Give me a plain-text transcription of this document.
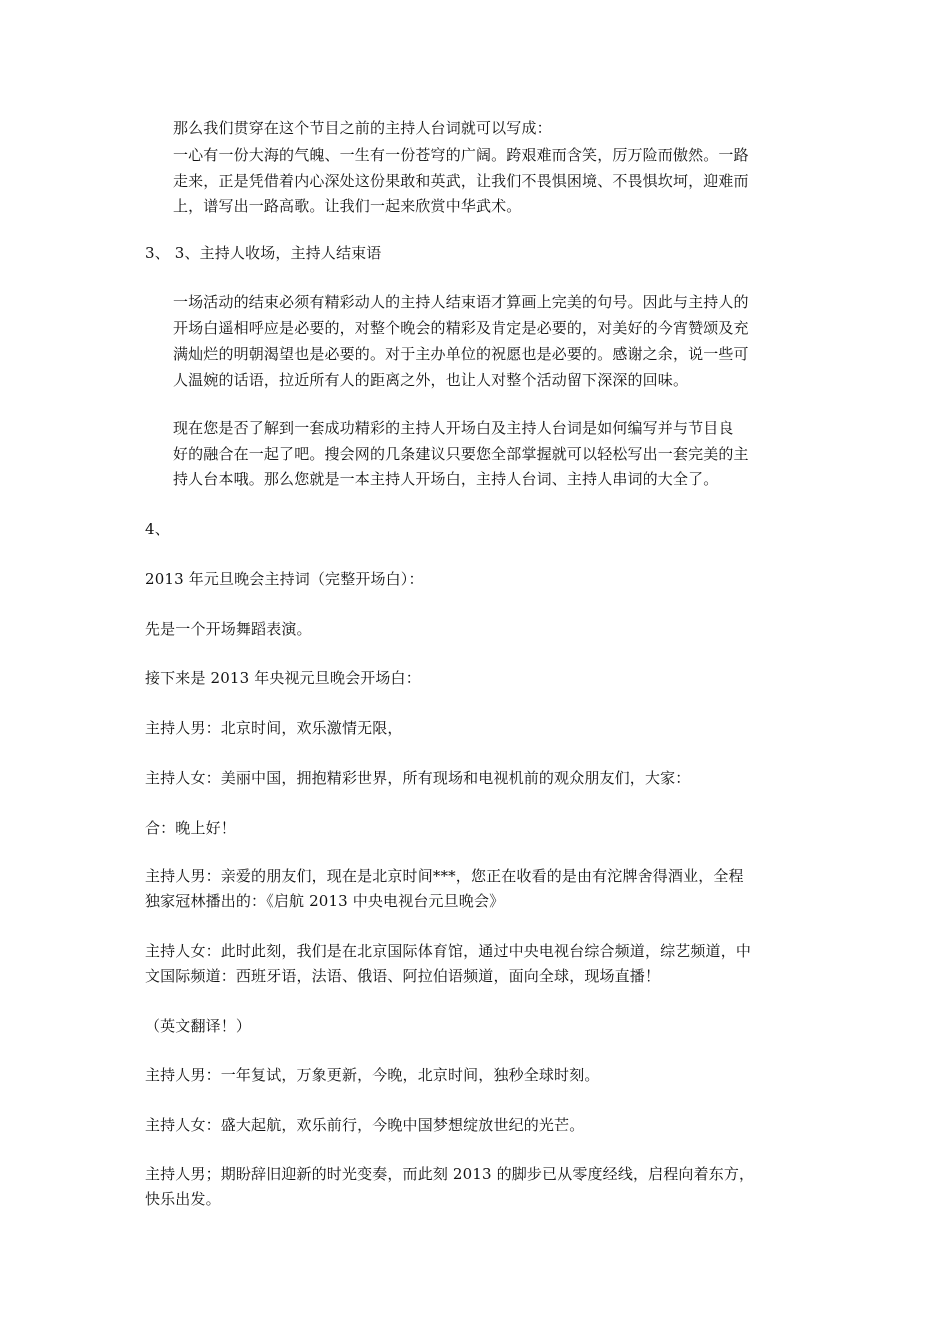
那么我们贯穿在这个节目之前的主持人台词就可以写成：
一心有一份大海的气魄、一生有一份苍穹的广阔。跨艰难而含笑，厉万险而傲然。一路
走来，正是凭借着内心深处这份果敢和英武，让我们不畏惧困境、不畏惧坎坷，迎难而
上，谱写出一路高歌。让我们一起来欣赏中华武术。
3、 3、主持人收场，主持人结束语
一场活动的结束必须有精彩动人的主持人结束语才算画上完美的句号。因此与主持人的
开场白遥相呼应是必要的，对整个晚会的精彩及肯定是必要的，对美好的今宵赞颂及充
满灿烂的明朝渴望也是必要的。对于主办单位的祝愿也是必要的。感谢之余，说一些可
人温婉的话语，拉近所有人的距离之外，也让人对整个活动留下深深的回味。
现在您是否了解到一套成功精彩的主持人开场白及主持人台词是如何编写并与节目良
好的融合在一起了吧。搜会网的几条建议只要您全部掌握就可以轻松写出一套完美的主
持人台本哦。那么您就是一本主持人开场白，主持人台词、主持人串词的大全了。
4、
2013 年元旦晚会主持词（完整开场白）：
先是一个开场舞蹈表演。
接下来是 2013 年央视元旦晚会开场白：
主持人男：北京时间，欢乐激情无限，
主持人女：美丽中国，拥抱精彩世界，所有现场和电视机前的观众朋友们，大家：
合：晚上好！
主持人男：亲爱的朋友们，现在是北京时间***，您正在收看的是由有沱牌舍得酒业，全程
独家冠林播出的：《启航 2013 中央电视台元旦晚会》
主持人女：此时此刻，我们是在北京国际体育馆，通过中央电视台综合频道，综艺频道，中
文国际频道：西班牙语，法语、俄语、阿拉伯语频道，面向全球，现场直播！
（英文翻译！）
主持人男：一年复试，万象更新，今晚，北京时间，独秒全球时刻。
主持人女：盛大起航，欢乐前行，今晚中国梦想绽放世纪的光芒。
主持人男；期盼辞旧迎新的时光变奏，而此刻 2013 的脚步已从零度经线，启程向着东方，
快乐出发。
